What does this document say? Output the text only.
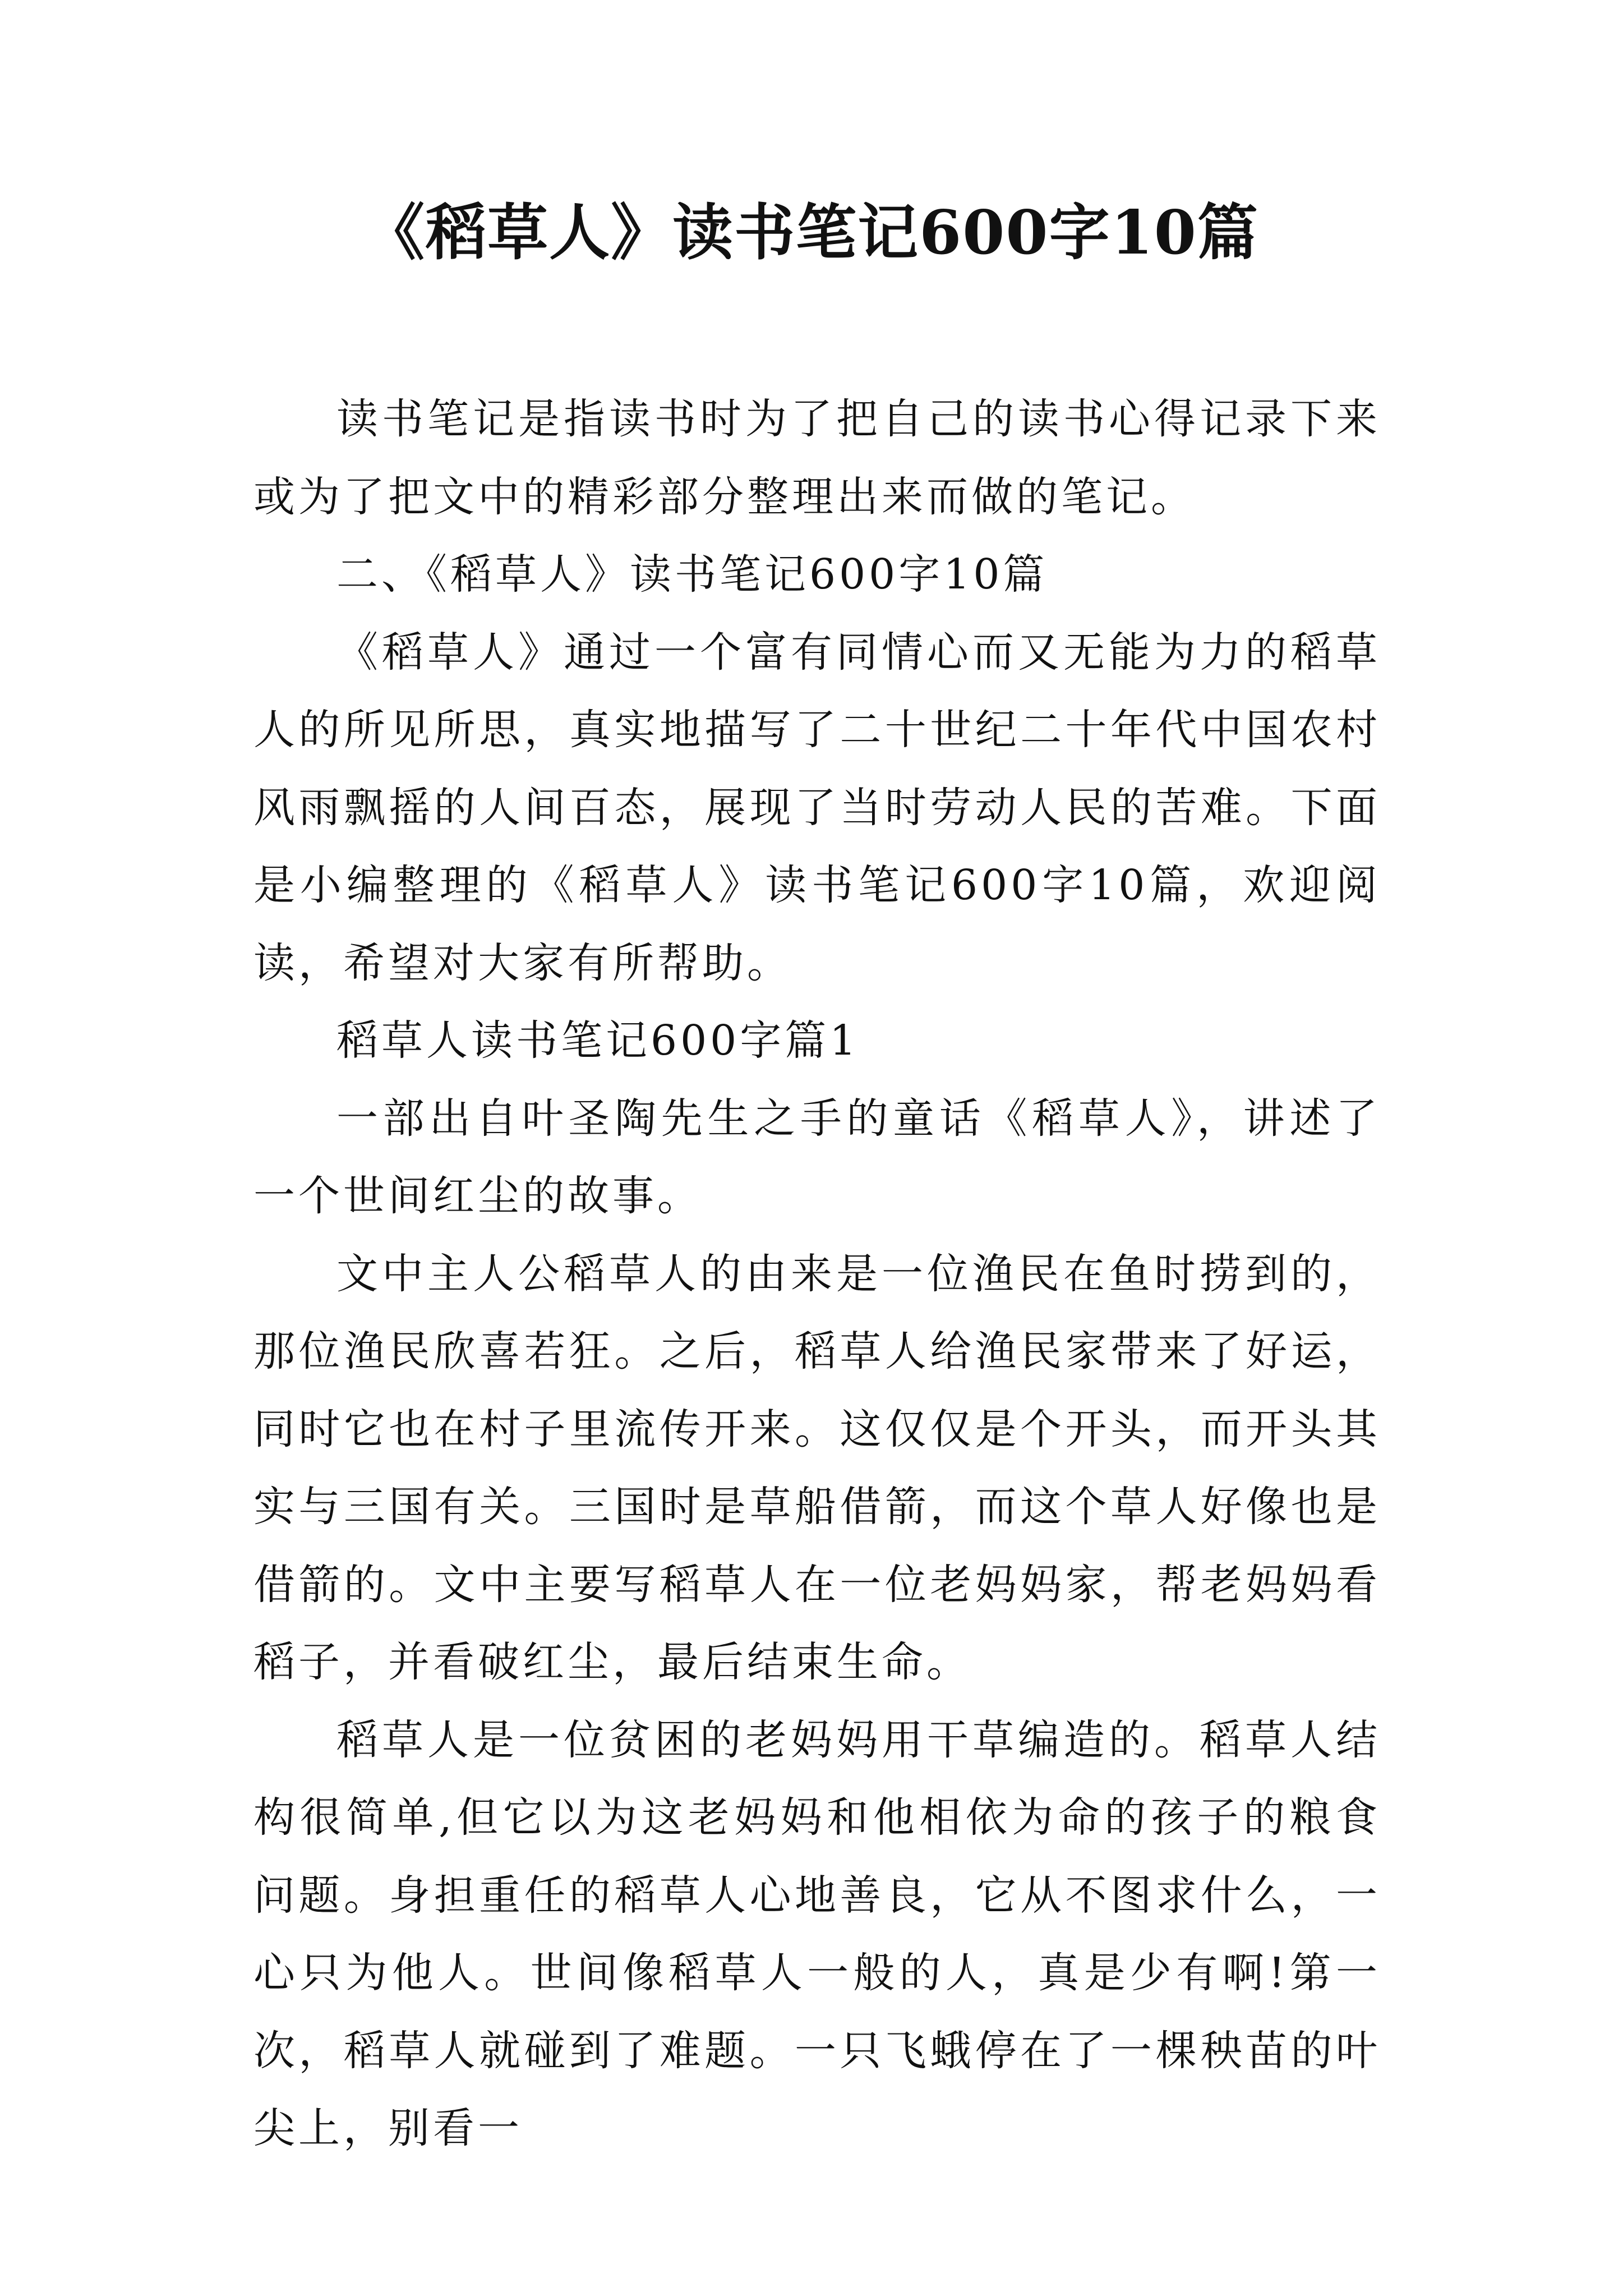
《稻草人》读书笔记600字10篇

读书笔记是指读书时为了把自己的读书心得记录下来或为了把文中的精彩部分整理出来而做的笔记。

二、《稻草人》读书笔记600字10篇

《稻草人》通过一个富有同情心而又无能为力的稻草人的所见所思，真实地描写了二十世纪二十年代中国农村风雨飘摇的人间百态，展现了当时劳动人民的苦难。下面是小编整理的《稻草人》读书笔记600字10篇，欢迎阅读，希望对大家有所帮助。

稻草人读书笔记600字篇1

一部出自叶圣陶先生之手的童话《稻草人》，讲述了一个世间红尘的故事。

文中主人公稻草人的由来是一位渔民在鱼时捞到的，那位渔民欣喜若狂。之后，稻草人给渔民家带来了好运，同时它也在村子里流传开来。这仅仅是个开头，而开头其实与三国有关。三国时是草船借箭，而这个草人好像也是借箭的。文中主要写稻草人在一位老妈妈家，帮老妈妈看稻子，并看破红尘，最后结束生命。

稻草人是一位贫困的老妈妈用干草编造的。稻草人结构很简单,但它以为这老妈妈和他相依为命的孩子的粮食问题。身担重任的稻草人心地善良，它从不图求什么，一心只为他人。世间像稻草人一般的人，真是少有啊!第一次，稻草人就碰到了难题。一只飞蛾停在了一棵秧苗的叶尖上，别看一
